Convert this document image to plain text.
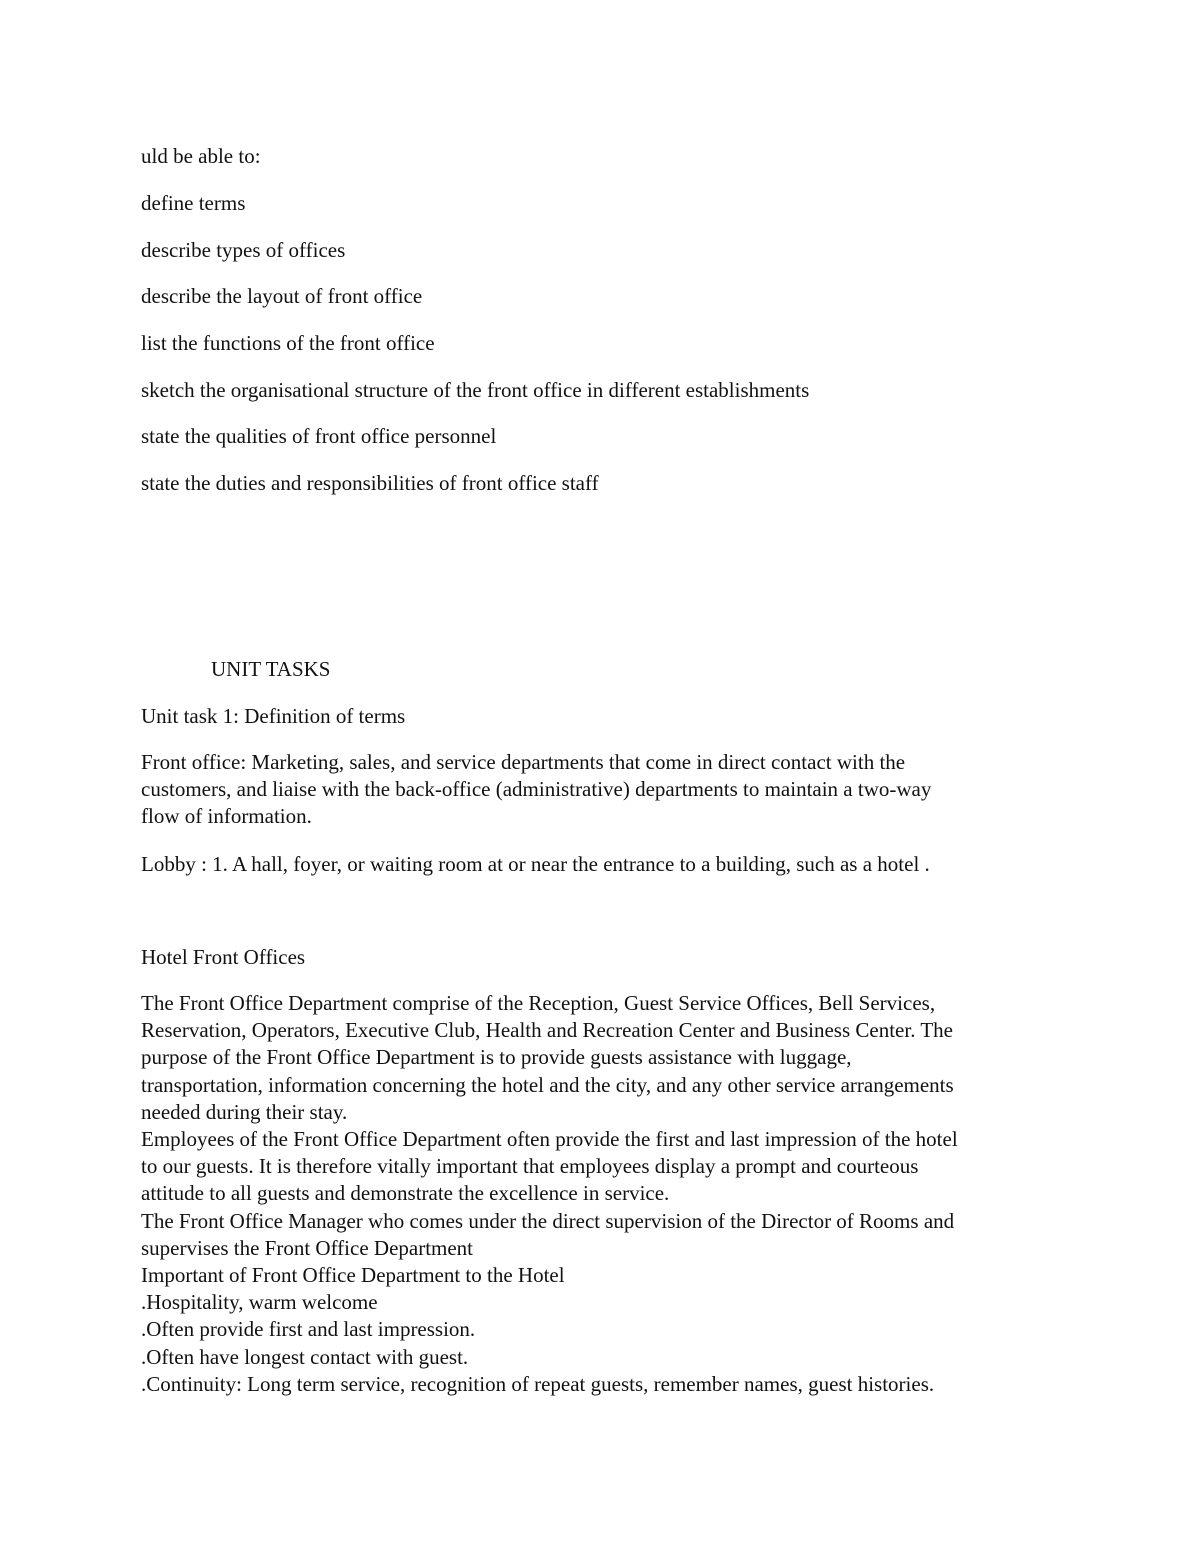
uld be able to:
define terms
describe types of offices
describe the layout of front office
list the functions of the front office
sketch the organisational structure of the front office in different establishments
state the qualities of front office personnel
state the duties and responsibilities of front office staff
UNIT TASKS
Unit task 1: Definition of terms
Front office: Marketing, sales, and service departments that come in direct contact with the
customers, and liaise with the back-office (administrative) departments to maintain a two-way
flow of information.
Lobby : 1. A hall, foyer, or waiting room at or near the entrance to a building, such as a hotel .
Hotel Front Offices
The Front Office Department comprise of the Reception, Guest Service Offices, Bell Services,
Reservation, Operators, Executive Club, Health and Recreation Center and Business Center. The
purpose of the Front Office Department is to provide guests assistance with luggage,
transportation, information concerning the hotel and the city, and any other service arrangements
needed during their stay.
Employees of the Front Office Department often provide the first and last impression of the hotel
to our guests. It is therefore vitally important that employees display a prompt and courteous
attitude to all guests and demonstrate the excellence in service.
The Front Office Manager who comes under the direct supervision of the Director of Rooms and
supervises the Front Office Department
Important of Front Office Department to the Hotel
.Hospitality, warm welcome
.Often provide first and last impression.
.Often have longest contact with guest.
.Continuity: Long term service, recognition of repeat guests, remember names, guest histories.
